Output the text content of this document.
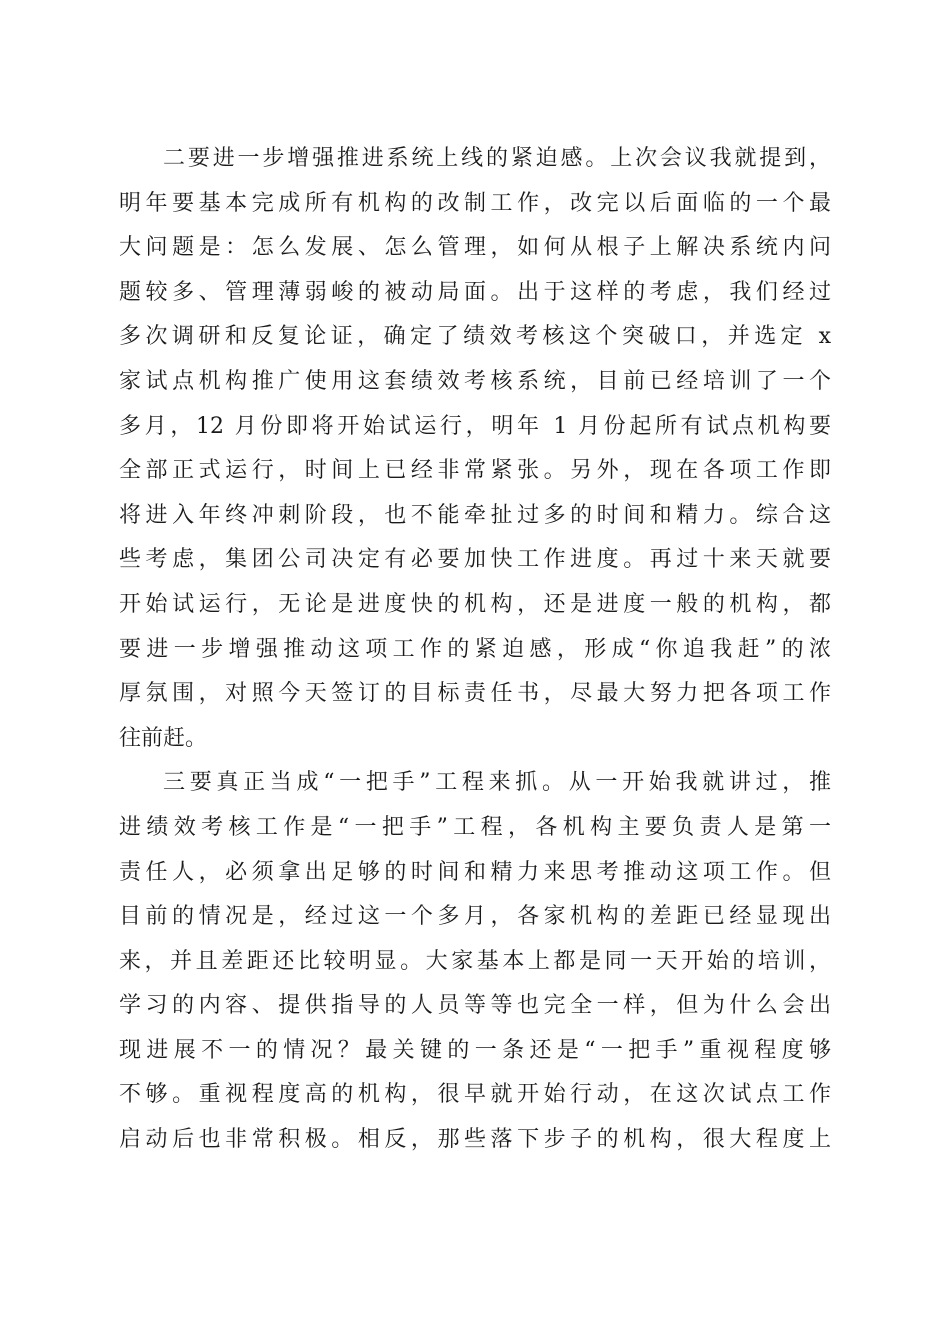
二要进一步增强推进系统上线的紧迫感。上次会议我就提到，
明年要基本完成所有机构的改制工作，改完以后面临的一个最
大问题是：怎么发展、怎么管理，如何从根子上解决系统内问
题较多、管理薄弱峻的被动局面。出于这样的考虑，我们经过
多次调研和反复论证，确定了绩效考核这个突破口，并选定 x
家试点机构推广使用这套绩效考核系统，目前已经培训了一个
多月，12 月份即将开始试运行，明年 1 月份起所有试点机构要
全部正式运行，时间上已经非常紧张。另外，现在各项工作即
将进入年终冲刺阶段，也不能牵扯过多的时间和精力。综合这
些考虑，集团公司决定有必要加快工作进度。再过十来天就要
开始试运行，无论是进度快的机构，还是进度一般的机构，都
要进一步增强推动这项工作的紧迫感，形成“你追我赶”的浓
厚氛围，对照今天签订的目标责任书，尽最大努力把各项工作
往前赶。
三要真正当成“一把手”工程来抓。从一开始我就讲过，推
进绩效考核工作是“一把手”工程，各机构主要负责人是第一
责任人，必须拿出足够的时间和精力来思考推动这项工作。但
目前的情况是，经过这一个多月，各家机构的差距已经显现出
来，并且差距还比较明显。大家基本上都是同一天开始的培训，
学习的内容、提供指导的人员等等也完全一样，但为什么会出
现进展不一的情况？最关键的一条还是“一把手”重视程度够
不够。重视程度高的机构，很早就开始行动，在这次试点工作
启动后也非常积极。相反，那些落下步子的机构，很大程度上
